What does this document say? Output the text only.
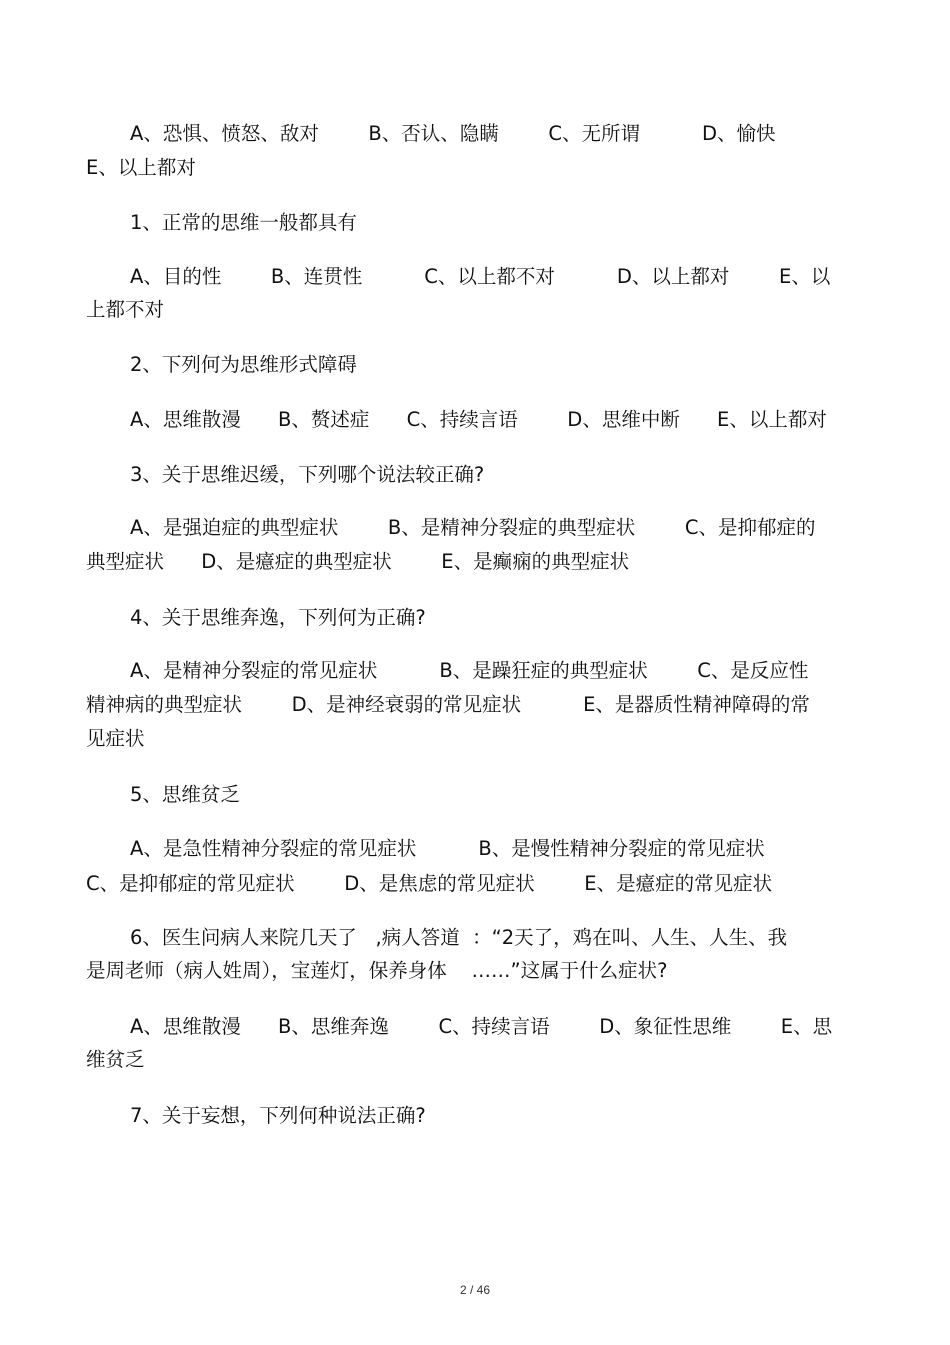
A、恐惧、愤怒、敌对        B、否认、隐瞒        C、无所谓          D、愉快
E、以上都对
1、正常的思维一般都具有
A、目的性        B、连贯性          C、以上都不对          D、以上都对        E、以
上都不对
2、下列何为思维形式障碍
A、思维散漫      B、赘述症      C、持续言语        D、思维中断      E、以上都对
3、关于思维迟缓，下列哪个说法较正确?
A、是强迫症的典型症状        B、是精神分裂症的典型症状        C、是抑郁症的
典型症状      D、是癔症的典型症状        E、是癫痫的典型症状
4、关于思维奔逸，下列何为正确?
A、是精神分裂症的常见症状          B、是躁狂症的典型症状        C、是反应性
精神病的典型症状        D、是神经衰弱的常见症状          E、是器质性精神障碍的常
见症状
5、思维贫乏
A、是急性精神分裂症的常见症状          B、是慢性精神分裂症的常见症状
C、是抑郁症的常见症状        D、是焦虑的常见症状        E、是癔症的常见症状
6、医生问病人来院几天了   ,病人答道  ：“2天了，鸡在叫、人生、人生、我
是周老师（病人姓周），宝莲灯，保养身体    ……”这属于什么症状?
A、思维散漫      B、思维奔逸        C、持续言语        D、象征性思维        E、思
维贫乏
7、关于妄想，下列何种说法正确?
2 / 46
